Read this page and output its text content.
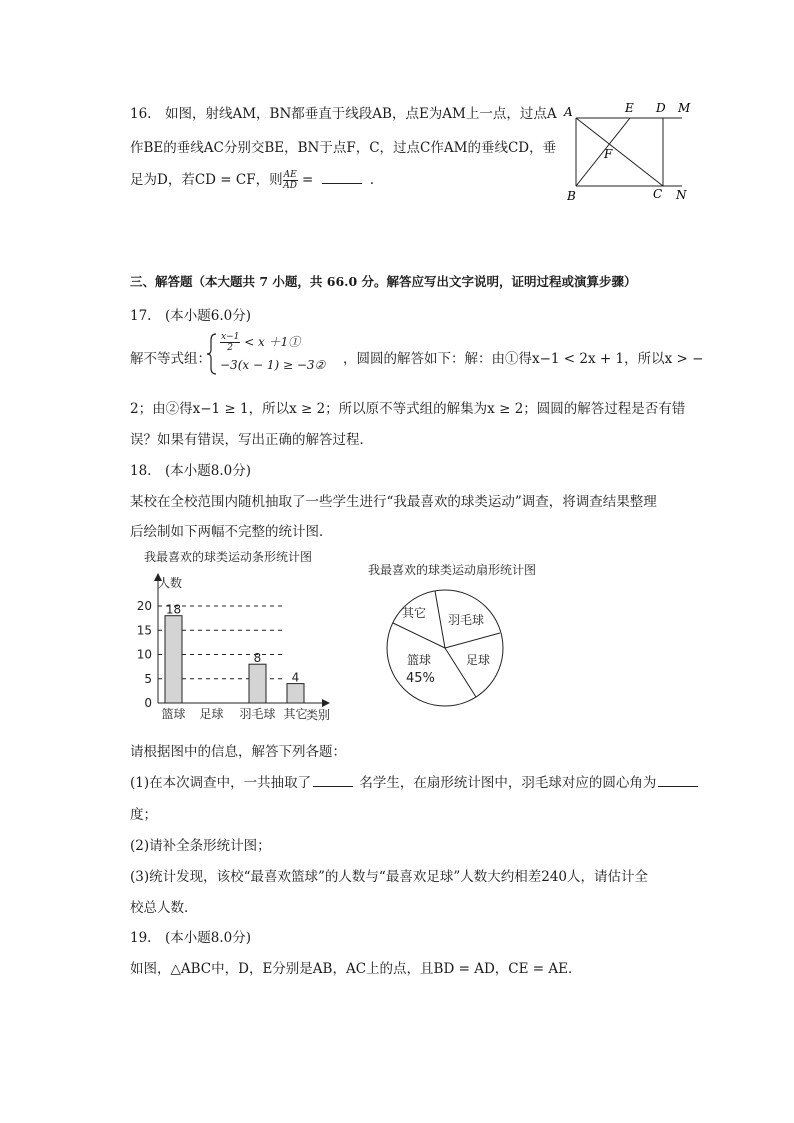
16.　如图，射线AM，BN都垂直于线段AB，点E为AM上一点，过点A
作BE的垂线AC分别交BE，BN于点F，C，过点C作AM的垂线CD，垂
足为D，若CD = CF，则 $\frac{AE}{AD}$ =	．
A	E D M
F
B	C N
三、解答题（本大题共 7 小题，共 66.0 分。解答应写出文字说明，证明过程或演算步骤）
17.　(本小题6.0分)
解不等式组：
$\frac{x-1}{2} < x$ ＋1①
−3(x − 1) ≥ −3② ，圆圆的解答如下：解：由①得x−1 < 2x + 1，所以x > −
2；由②得x−1 ≥ 1，所以x ≥ 2；所以原不等式组的解集为x ≥ 2；圆圆的解答过程是否有错
误？如果有错误，写出正确的解答过程．
18.　(本小题8.0分)
某校在全校范围内随机抽取了一些学生进行“我最喜欢的球类运动”调查，将调查结果整理
后绘制如下两幅不完整的统计图．
我最喜欢的球类运动条形统计图
人数
类别
0
5
10
15
20 18
篮球 足球
8
羽毛球
4
其它
我最喜欢的球类运动扇形统计图
其它 羽毛球
足球
篮球
45%
请根据图中的信息，解答下列各题：
(1)在本次调查中，一共抽取了	名学生，在扇形统计图中，羽毛球对应的圆心角为
度；
(2)请补全条形统计图；
(3)统计发现，该校“最喜欢篮球”的人数与“最喜欢足球”人数大约相差240人，请估计全
校总人数．
19.　(本小题8.0分)
如图，△ABC中，D，E分别是AB，AC上的点，且BD = AD，CE = AE．
